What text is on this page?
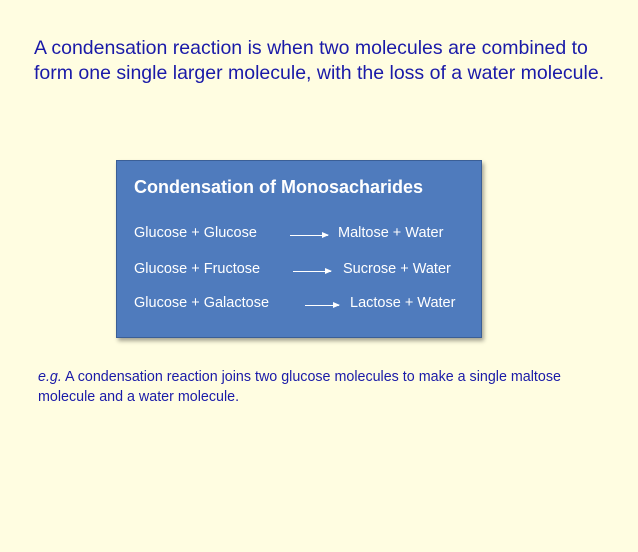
A condensation reaction is when two molecules are combined to form one single larger molecule, with the loss of a water molecule.

Condensation of Monosacharides
Glucose + Glucose	Maltose + Water
Glucose + Fructose	Sucrose + Water
Glucose + Galactose	Lactose + Water

e.g. A condensation reaction joins two glucose molecules to make a single maltose molecule and a water molecule.
